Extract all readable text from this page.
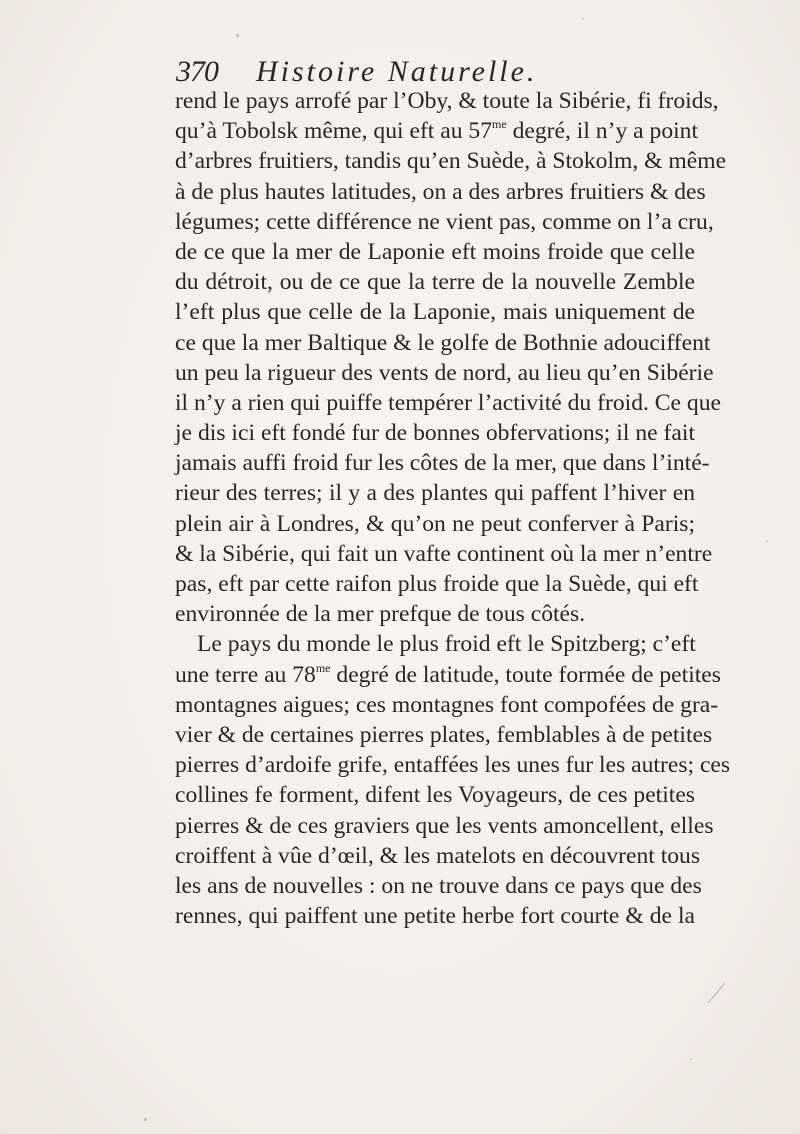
370 Histoire Naturelle.
rend le pays arrofé par l’Oby, & toute la Sibérie, fi froids,
qu’à Tobolsk même, qui eft au $57^{me}$ degré, il n’y a point
d’arbres fruitiers, tandis qu’en Suède, à Stokolm, & même
à de plus hautes latitudes, on a des arbres fruitiers & des
légumes; cette différence ne vient pas, comme on l’a cru,
de ce que la mer de Laponie eft moins froide que celle
du détroit, ou de ce que la terre de la nouvelle Zemble
l’eft plus que celle de la Laponie, mais uniquement de
ce que la mer Baltique & le golfe de Bothnie adouciffent
un peu la rigueur des vents de nord, au lieu qu’en Sibérie
il n’y a rien qui puiffe tempérer l’activité du froid. Ce que
je dis ici eft fondé fur de bonnes obfervations; il ne fait
jamais auffi froid fur les côtes de la mer, que dans l’inté-
rieur des terres; il y a des plantes qui paffent l’hiver en
plein air à Londres, & qu’on ne peut conferver à Paris;
& la Sibérie, qui fait un vafte continent où la mer n’entre
pas, eft par cette raifon plus froide que la Suède, qui eft
environnée de la mer prefque de tous côtés.
Le pays du monde le plus froid eft le Spitzberg; c’eft
une terre au $78^{me}$ degré de latitude, toute formée de petites
montagnes aigues; ces montagnes font compofées de gra-
vier & de certaines pierres plates, femblables à de petites
pierres d’ardoife grife, entaffées les unes fur les autres; ces
collines fe forment, difent les Voyageurs, de ces petites
pierres & de ces graviers que les vents amoncellent, elles
croiffent à vûe d’œil, & les matelots en découvrent tous
les ans de nouvelles : on ne trouve dans ce pays que des
rennes, qui paiffent une petite herbe fort courte & de la
